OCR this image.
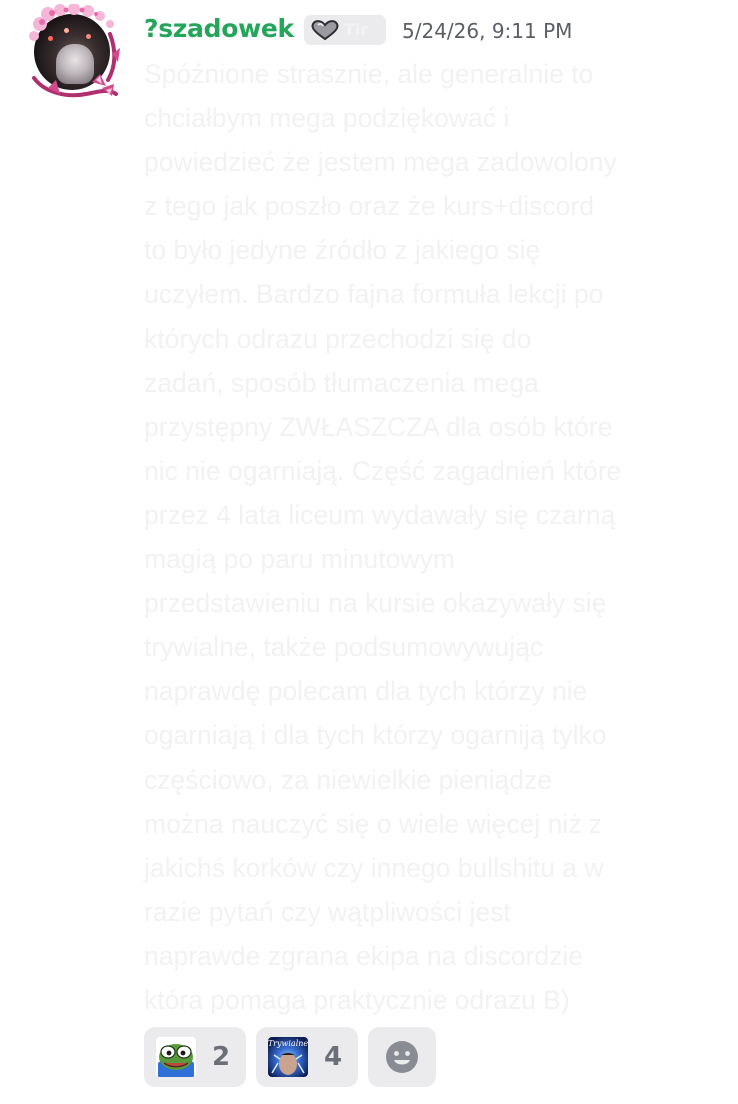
?szadowek	Tir 5/24/26, 9:11 PM
Spóźnione strasznie, ale generalnie to
chciałbym mega podziękować i
powiedzieć że jestem mega zadowolony
z tego jak poszło oraz że kurs+discord
to było jedyne źródło z jakiego się
uczyłem. Bardzo fajna formuła lekcji po
których odrazu przechodzi się do
zadań, sposób tłumaczenia mega
przystępny ZWŁASZCZA dla osób które
nic nie ogarniają. Część zagadnień które
przez 4 lata liceum wydawały się czarną
magią po paru minutowym
przedstawieniu na kursie okazywały się
trywialne, także podsumowywując
naprawdę polecam dla tych którzy nie
ogarniają i dla tych którzy ogarniją tylko
częściowo, za niewielkie pieniądze
można nauczyć się o wiele więcej niż z
jakichś korków czy innego bullshitu a w
razie pytań czy wątpliwości jest
naprawde zgrana ekipa na discordzie
która pomaga praktycznie odrazu B)
2	Trywialne 4
